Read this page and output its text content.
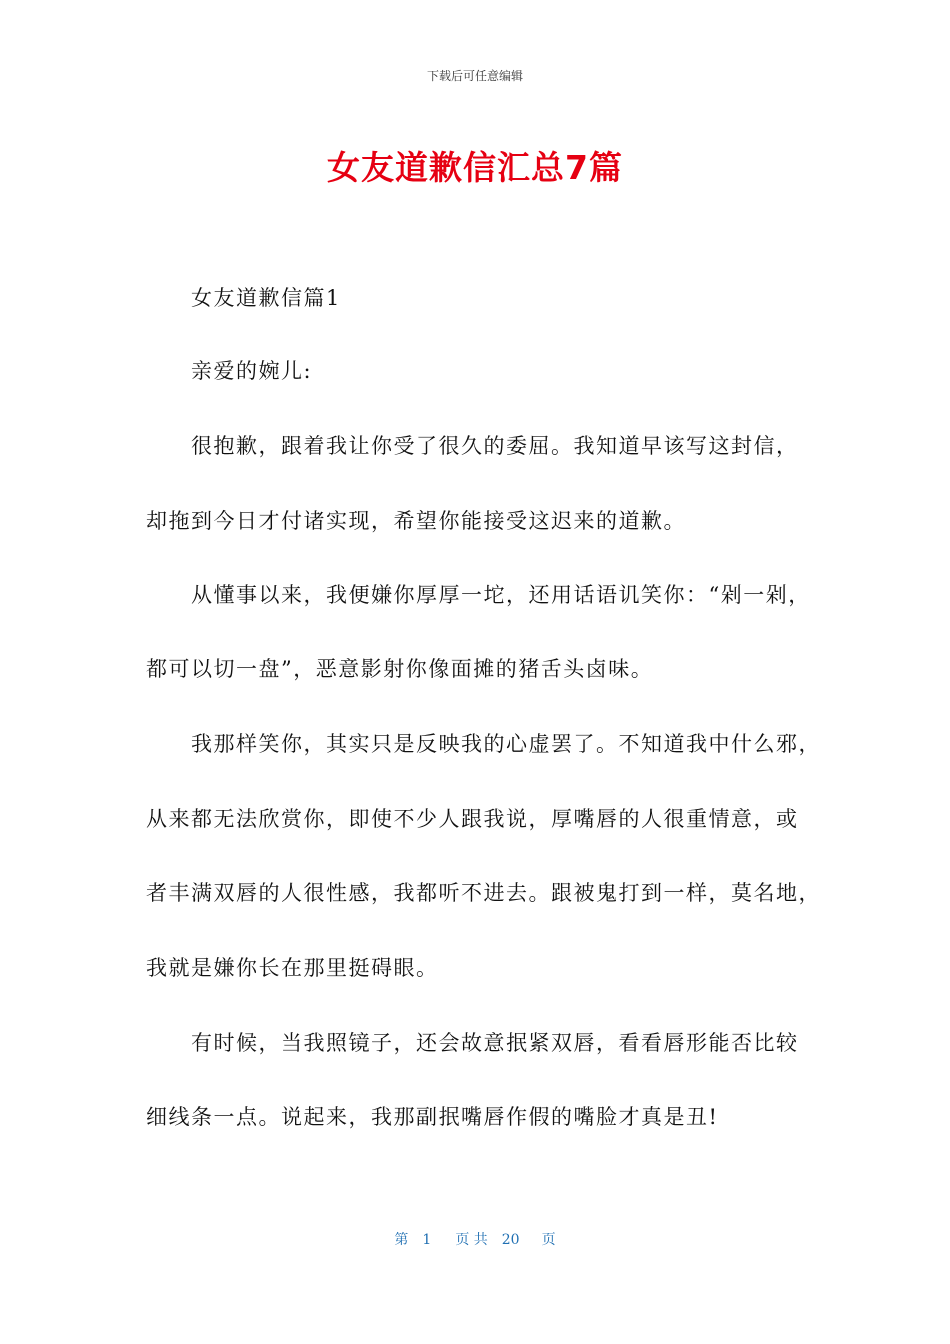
下载后可任意编辑
女友道歉信汇总7篇
女友道歉信篇1
亲爱的婉儿:
很抱歉，跟着我让你受了很久的委屈。我知道早该写这封信，
却拖到今日才付诸实现，希望你能接受这迟来的道歉。
从懂事以来，我便嫌你厚厚一坨，还用话语讥笑你：“剁一剁，
都可以切一盘”，恶意影射你像面摊的猪舌头卤味。
我那样笑你，其实只是反映我的心虚罢了。不知道我中什么邪，
从来都无法欣赏你，即使不少人跟我说，厚嘴唇的人很重情意，或
者丰满双唇的人很性感，我都听不进去。跟被鬼打到一样，莫名地，
我就是嫌你长在那里挺碍眼。
有时候，当我照镜子，还会故意抿紧双唇，看看唇形能否比较
细线条一点。说起来，我那副抿嘴唇作假的嘴脸才真是丑!
第 1 页 共 20 页
